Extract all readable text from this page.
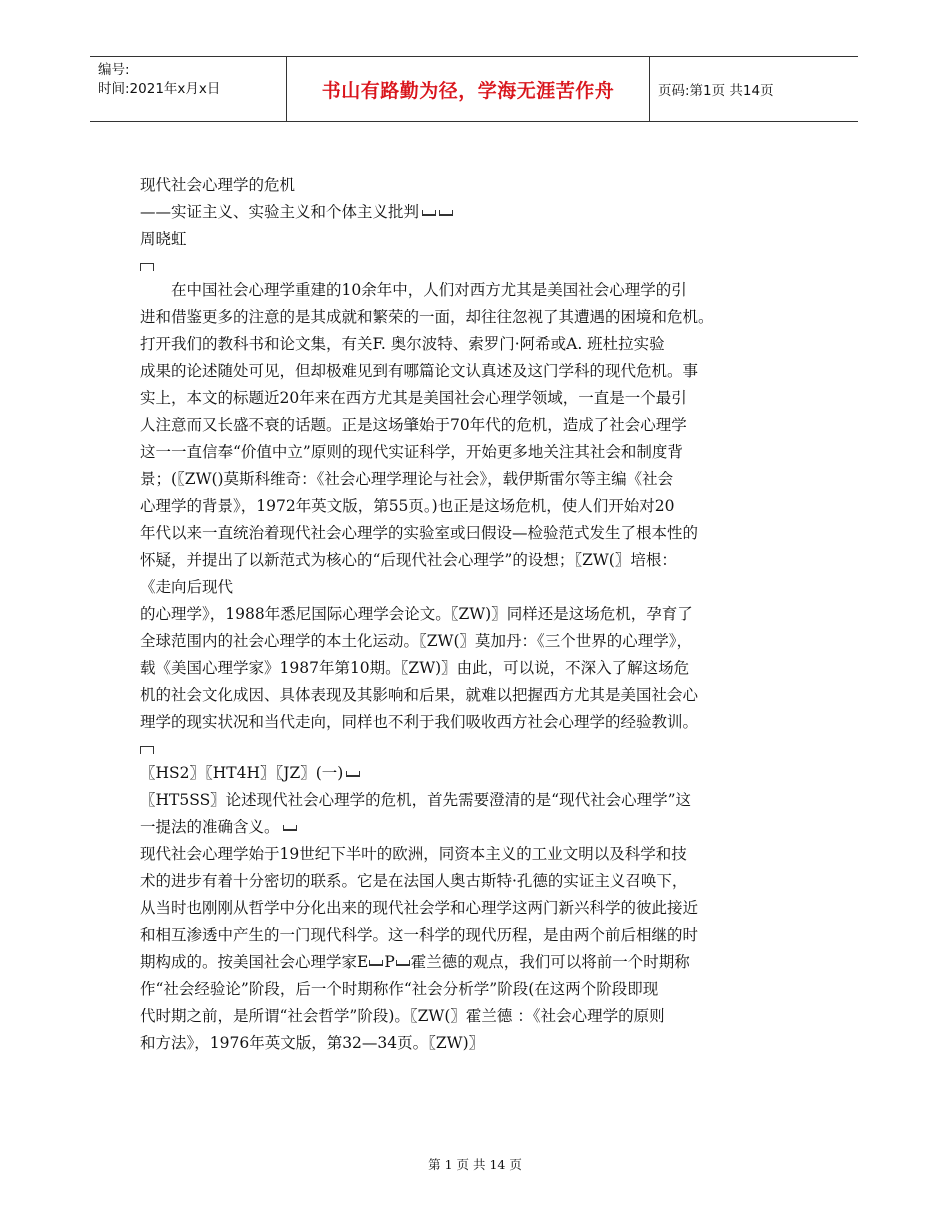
编号:
时间:2021年x月x日	书山有路勤为径，学海无涯苦作舟	页码:第1页 共14页
现代社会心理学的危机
——实证主义、实验主义和个体主义批判
周晓虹
　　在中国社会心理学重建的10余年中，人们对西方尤其是美国社会心理学的引
进和借鉴更多的注意的是其成就和繁荣的一面，却往往忽视了其遭遇的困境和危机。
打开我们的教科书和论文集，有关F. 奥尔波特、索罗门·阿希或A. 班杜拉实验
成果的论述随处可见，但却极难见到有哪篇论文认真述及这门学科的现代危机。事
实上，本文的标题近20年来在西方尤其是美国社会心理学领域，一直是一个最引
人注意而又长盛不衰的话题。正是这场肇始于70年代的危机，造成了社会心理学
这一一直信奉“价值中立”原则的现代实证科学，开始更多地关注其社会和制度背
景；(〖ZW()莫斯科维奇：《社会心理学理论与社会》，载伊斯雷尔等主编《社会
心理学的背景》，1972年英文版，第55页。)也正是这场危机，使人们开始对20
年代以来一直统治着现代社会心理学的实验室或曰假设—检验范式发生了根本性的
怀疑，并提出了以新范式为核心的“后现代社会心理学”的设想；〖ZW(〗培根：
《走向后现代
的心理学》，1988年悉尼国际心理学会论文。〖ZW)〗同样还是这场危机，孕育了
全球范围内的社会心理学的本土化运动。〖ZW(〗莫加丹：《三个世界的心理学》，
载《美国心理学家》1987年第10期。〖ZW)〗由此，可以说，不深入了解这场危
机的社会文化成因、具体表现及其影响和后果，就难以把握西方尤其是美国社会心
理学的现实状况和当代走向，同样也不利于我们吸收西方社会心理学的经验教训。
〖HS2〗〖HT4H〗〖JZ〗(一)
〖HT5SS〗论述现代社会心理学的危机，首先需要澄清的是“现代社会心理学”这
一提法的准确含义。
现代社会心理学始于19世纪下半叶的欧洲，同资本主义的工业文明以及科学和技
术的进步有着十分密切的联系。它是在法国人奥古斯特·孔德的实证主义召唤下，
从当时也刚刚从哲学中分化出来的现代社会学和心理学这两门新兴科学的彼此接近
和相互渗透中产生的一门现代科学。这一科学的现代历程，是由两个前后相继的时
期构成的。按美国社会心理学家E P 霍兰德的观点，我们可以将前一个时期称
作“社会经验论”阶段，后一个时期称作“社会分析学”阶段(在这两个阶段即现
代时期之前，是所谓“社会哲学”阶段)。〖ZW(〗霍兰德 ：《社会心理学的原则
和方法》，1976年英文版，第32—34页。〖ZW)〗
第 1 页 共 14 页
